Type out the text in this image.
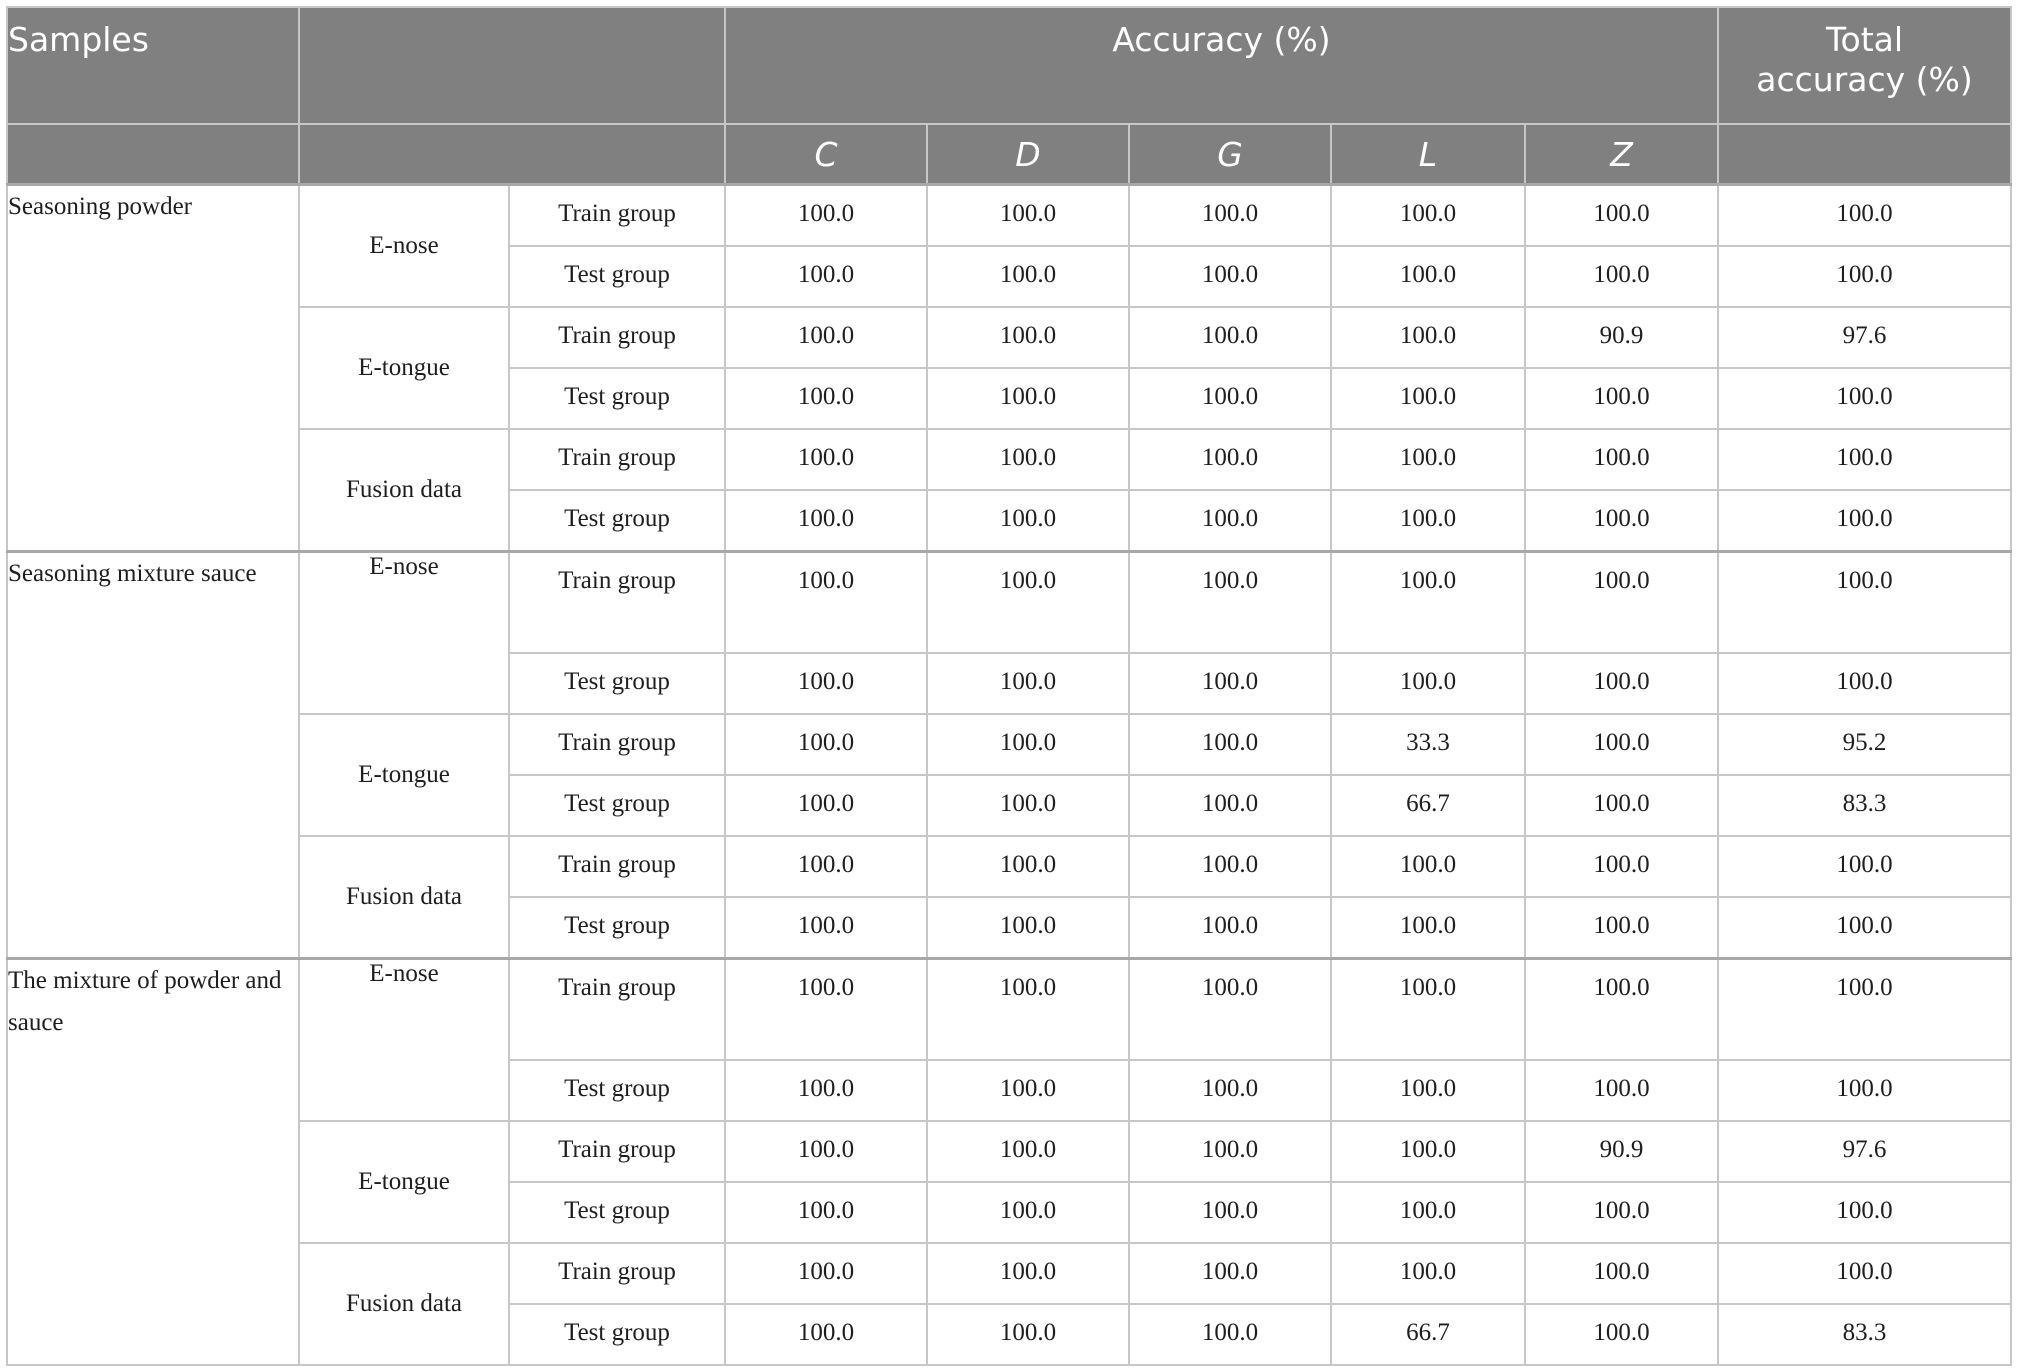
Samples			Accuracy (%)					Total
accuracy (%)
			C	D	G	L	Z	
Seasoning powder	E-nose	Train group	100.0	100.0	100.0	100.0	100.0	100.0
		Test group	100.0	100.0	100.0	100.0	100.0	100.0
	E-tongue	Train group	100.0	100.0	100.0	100.0	90.9	97.6
		Test group	100.0	100.0	100.0	100.0	100.0	100.0
	Fusion data	Train group	100.0	100.0	100.0	100.0	100.0	100.0
		Test group	100.0	100.0	100.0	100.0	100.0	100.0
Seasoning mixture sauce	E-nose	Train group	100.0	100.0	100.0	100.0	100.0	100.0
		Test group	100.0	100.0	100.0	100.0	100.0	100.0
	E-tongue	Train group	100.0	100.0	100.0	33.3	100.0	95.2
		Test group	100.0	100.0	100.0	66.7	100.0	83.3
	Fusion data	Train group	100.0	100.0	100.0	100.0	100.0	100.0
		Test group	100.0	100.0	100.0	100.0	100.0	100.0
The mixture of powder and sauce	E-nose	Train group	100.0	100.0	100.0	100.0	100.0	100.0
		Test group	100.0	100.0	100.0	100.0	100.0	100.0
	E-tongue	Train group	100.0	100.0	100.0	100.0	90.9	97.6
		Test group	100.0	100.0	100.0	100.0	100.0	100.0
	Fusion data	Train group	100.0	100.0	100.0	100.0	100.0	100.0
		Test group	100.0	100.0	100.0	66.7	100.0	83.3
